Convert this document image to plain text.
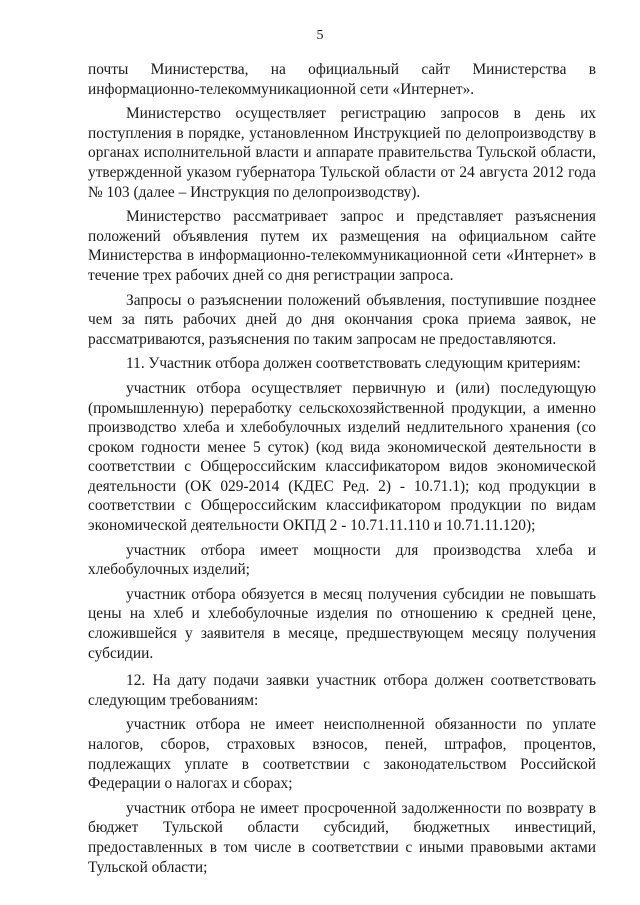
5

почты Министерства, на официальный сайт Министерства в информационно-телекоммуникационной сети «Интернет».

Министерство осуществляет регистрацию запросов в день их поступления в порядке, установленном Инструкцией по делопроизводству в органах исполнительной власти и аппарате правительства Тульской области, утвержденной указом губернатора Тульской области от 24 августа 2012 года № 103 (далее – Инструкция по делопроизводству).

Министерство рассматривает запрос и представляет разъяснения положений объявления путем их размещения на официальном сайте Министерства в информационно-телекоммуникационной сети «Интернет» в течение трех рабочих дней со дня регистрации запроса.

Запросы о разъяснении положений объявления, поступившие позднее чем за пять рабочих дней до дня окончания срока приема заявок, не рассматриваются, разъяснения по таким запросам не предоставляются.

11. Участник отбора должен соответствовать следующим критериям:

участник отбора осуществляет первичную и (или) последующую (промышленную) переработку сельскохозяйственной продукции, а именно производство хлеба и хлебобулочных изделий недлительного хранения (со сроком годности менее 5 суток) (код вида экономической деятельности в соответствии с Общероссийским классификатором видов экономической деятельности (ОК 029-2014 (КДЕС Ред. 2) - 10.71.1); код продукции в соответствии с Общероссийским классификатором продукции по видам экономической деятельности ОКПД 2 - 10.71.11.110 и 10.71.11.120);

участник отбора имеет мощности для производства хлеба и хлебобулочных изделий;

участник отбора обязуется в месяц получения субсидии не повышать цены на хлеб и хлебобулочные изделия по отношению к средней цене, сложившейся у заявителя в месяце, предшествующем месяцу получения субсидии.

12. На дату подачи заявки участник отбора должен соответствовать следующим требованиям:

участник отбора не имеет неисполненной обязанности по уплате налогов, сборов, страховых взносов, пеней, штрафов, процентов, подлежащих уплате в соответствии с законодательством Российской Федерации о налогах и сборах;

участник отбора не имеет просроченной задолженности по возврату в бюджет Тульской области субсидий, бюджетных инвестиций, предоставленных в том числе в соответствии с иными правовыми актами Тульской области;
